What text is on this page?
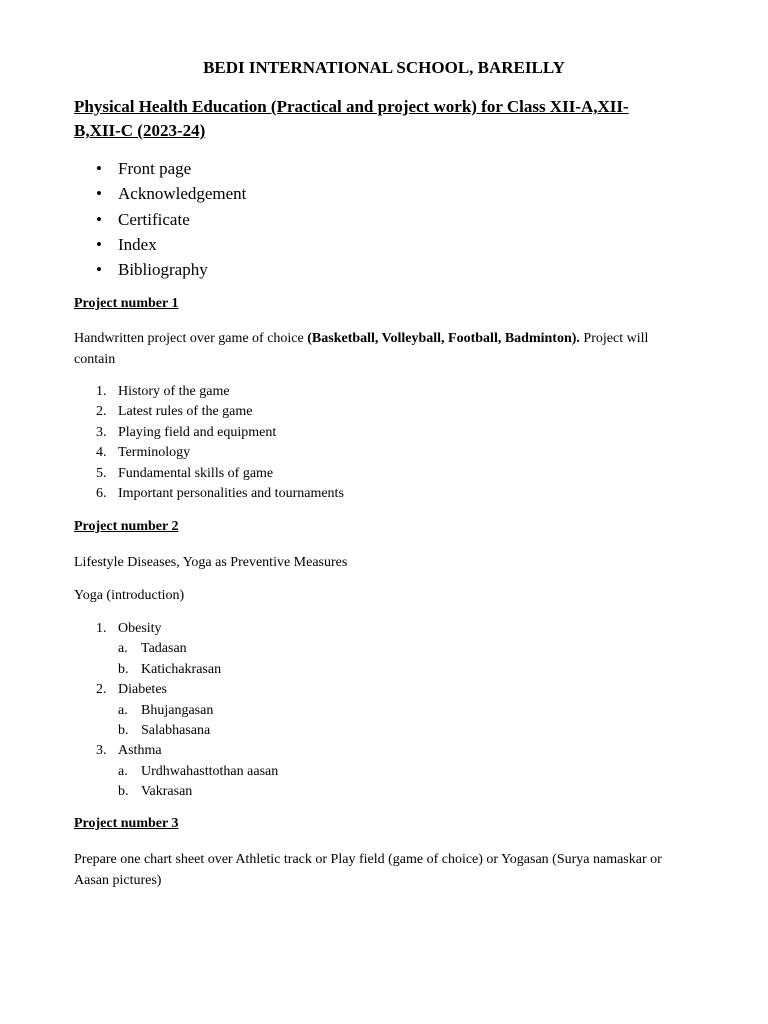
BEDI INTERNATIONAL SCHOOL, BAREILLY
Physical Health Education (Practical and project work) for Class XII-A,XII-B,XII-C (2023-24)
• Front page
• Acknowledgement
• Certificate
• Index
• Bibliography
Project number 1
Handwritten project over game of choice (Basketball, Volleyball, Football, Badminton). Project will contain
1. History of the game
2. Latest rules of the game
3. Playing field and equipment
4. Terminology
5. Fundamental skills of game
6. Important personalities and tournaments
Project number 2
Lifestyle Diseases, Yoga as Preventive Measures
Yoga (introduction)
1. Obesity
a. Tadasan
b. Katichakrasan
2. Diabetes
a. Bhujangasan
b. Salabhasana
3. Asthma
a. Urdhwahasttothan aasan
b. Vakrasan
Project number 3
Prepare one chart sheet over Athletic track or Play field (game of choice) or Yogasan (Surya namaskar or Aasan pictures)
